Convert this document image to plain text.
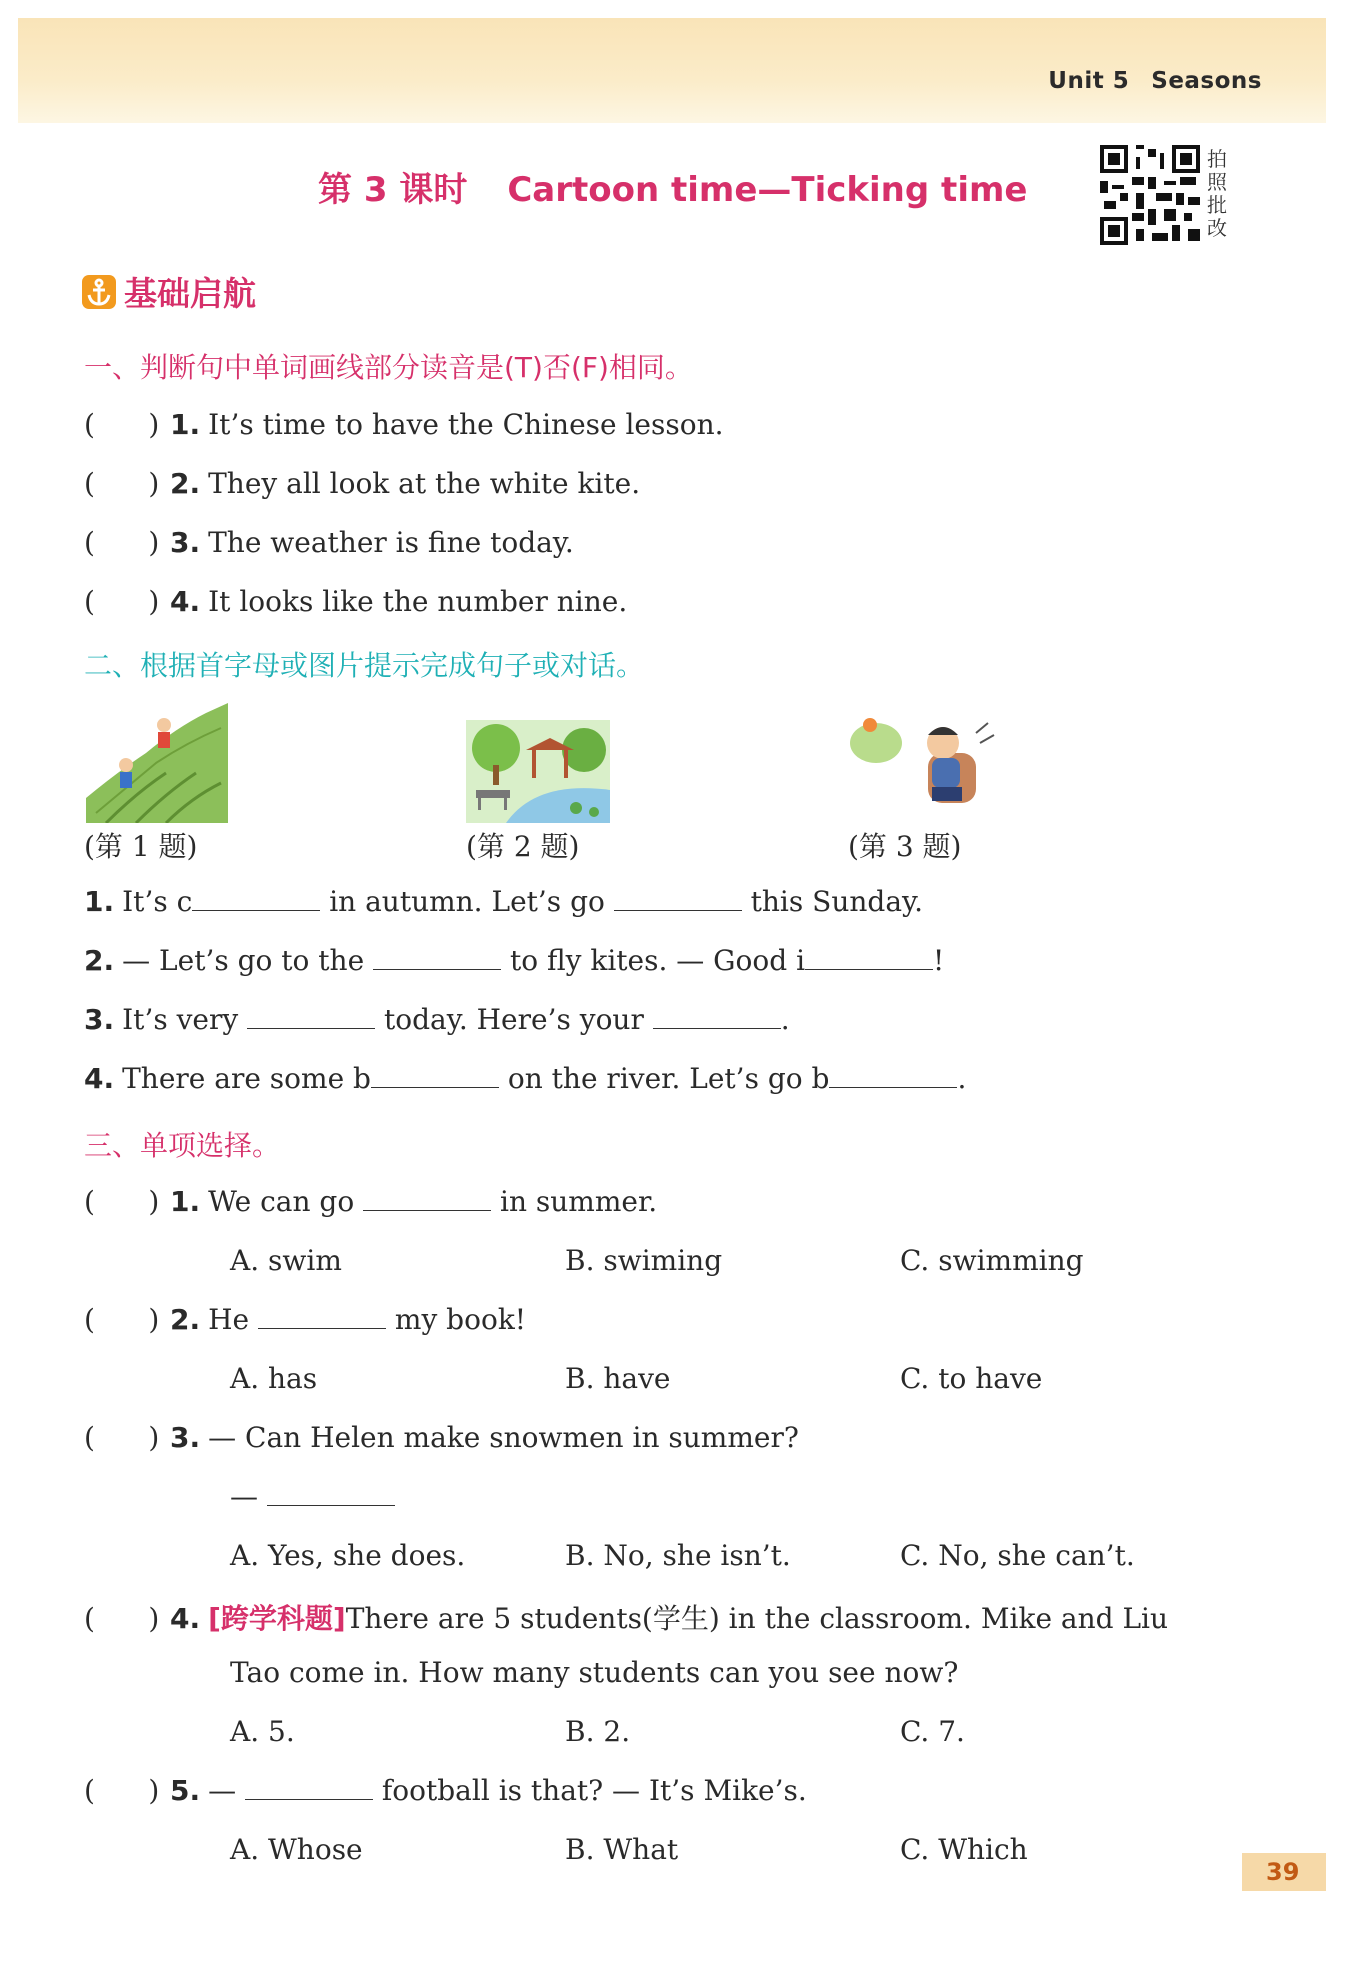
Unit 5 Seasons
第 3 课时 Cartoon time—Ticking time
拍照批改
基础启航
一、判断句中单词画线部分读音是(T)否(F)相同。
(      ) 1. It’s time to have the Chinese lesson.
(      ) 2. They all look at the white kite.
(      ) 3. The weather is fine today.
(      ) 4. It looks like the number nine.
二、根据首字母或图片提示完成句子或对话。
(第 1 题)	(第 2 题)	(第 3 题)
1. It’s c	in autumn. Let’s go	this Sunday.
2. — Let’s go to the	to fly kites. — Good i	!
3. It’s very	today. Here’s your	.
4. There are some b	on the river. Let’s go b	.
三、单项选择。
(      ) 1. We can go	in summer.
A. swim	B. swiming	C. swimming
(      ) 2. He	my book!
A. has	B. have	C. to have
(      ) 3. — Can Helen make snowmen in summer?
—
A. Yes, she does.	B. No, she isn’t.	C. No, she can’t.
(      ) 4. [跨学科题]There are 5 students(学生) in the classroom. Mike and Liu
Tao come in. How many students can you see now?
A. 5.	B. 2.	C. 7.
(      ) 5. —	football is that? — It’s Mike’s.
A. Whose	B. What	C. Which
39
